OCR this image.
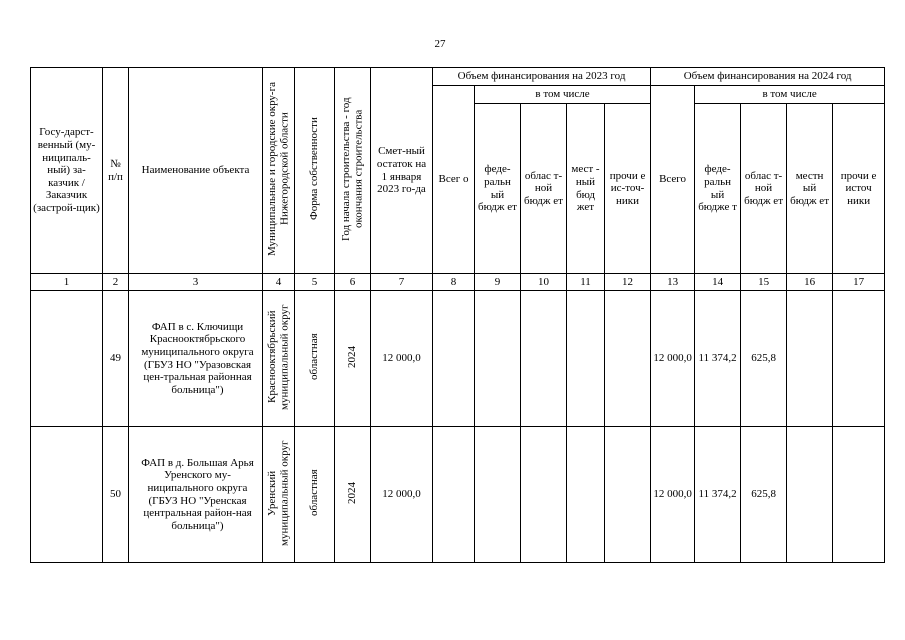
27
Госу-дарст-венный (му-ниципаль-ный) за-казчик / Заказчик (застрой-щик)	№ п/п	Наименование объекта	Муниципальные и городские окру-га Нижегородской области	Форма собственности	Год начала строительства - год окончания строительства	Смет-ный остаток на 1 января 2023 го-да	Объем финансирования на 2023 год					Объем финансирования на 2024 год				
							Всег о	в том числе				Всего	в том числе			
								феде-ральн ый бюдж ет	облас т-ной бюдж ет	мест - ный бюд жет	прочи е ис-точ-ники		феде-ральн ый бюдже т	облас т-ной бюдж ет	местн ый бюдж ет	прочи е источ ники
1	2	3	4	5	6	7	8	9	10	11	12	13	14	15	16	17
	49	ФАП в с. Ключищи Краснооктябрьского муниципального округа (ГБУЗ НО "Уразовская цен-тральная районная больница")	Краснооктябрьский муниципальный округ	областная	2024	12 000,0						12 000,0	11 374,2	625,8		
	50	ФАП в д. Большая Арья Уренского му-ниципального округа (ГБУЗ НО "Уренская центральная район-ная больница")	Уренский муниципальный округ	областная	2024	12 000,0						12 000,0	11 374,2	625,8		
